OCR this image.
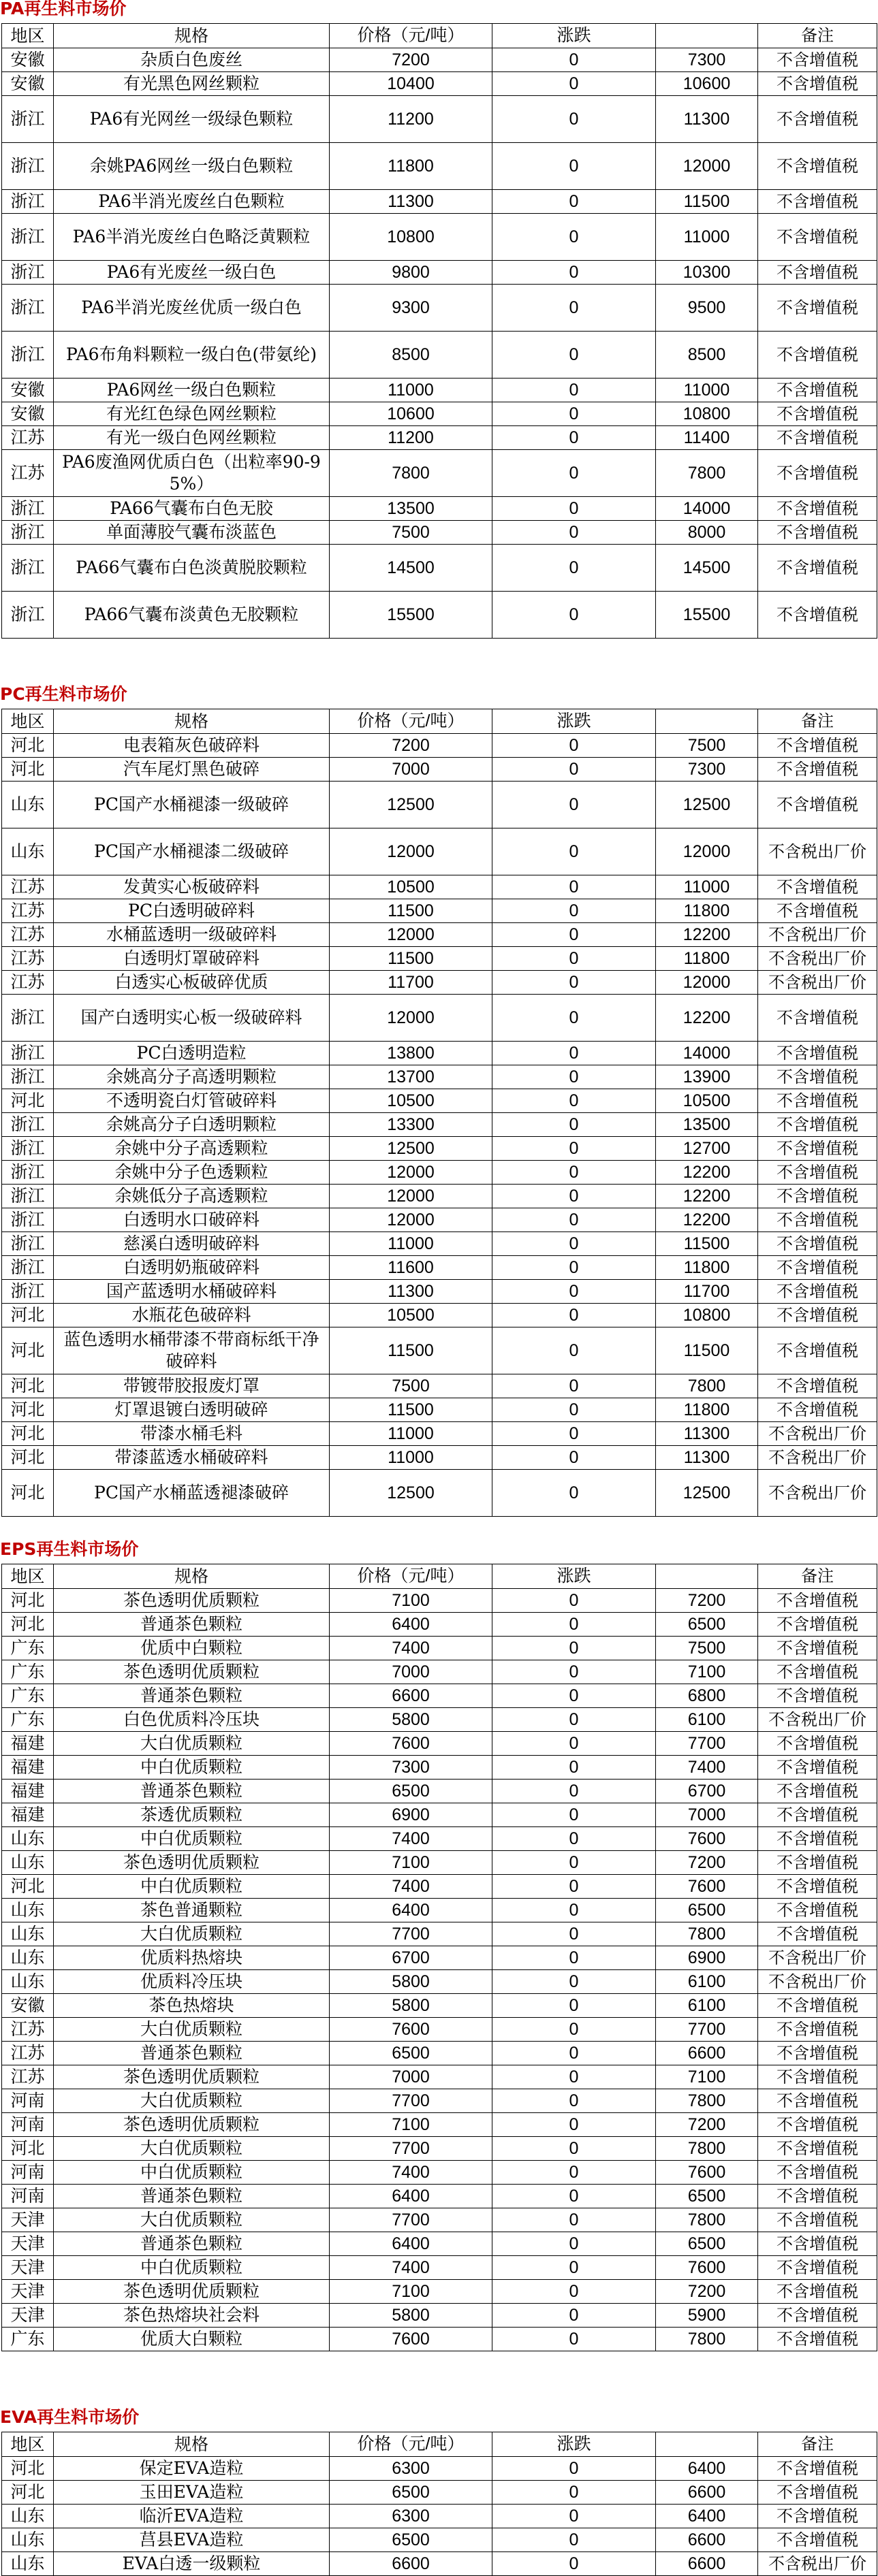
PA再生料市场价
地区	规格	价格（元/吨）	涨跌		备注
安徽	杂质白色废丝	7200	0	7300	不含增值税
安徽	有光黑色网丝颗粒	10400	0	10600	不含增值税
浙江	PA6有光网丝一级绿色颗粒	11200	0	11300	不含增值税
浙江	余姚PA6网丝一级白色颗粒	11800	0	12000	不含增值税
浙江	PA6半消光废丝白色颗粒	11300	0	11500	不含增值税
浙江	PA6半消光废丝白色略泛黄颗粒	10800	0	11000	不含增值税
浙江	PA6有光废丝一级白色	9800	0	10300	不含增值税
浙江	PA6半消光废丝优质一级白色	9300	0	9500	不含增值税
浙江	PA6布角料颗粒一级白色(带氨纶)	8500	0	8500	不含增值税
安徽	PA6网丝一级白色颗粒	11000	0	11000	不含增值税
安徽	有光红色绿色网丝颗粒	10600	0	10800	不含增值税
江苏	有光一级白色网丝颗粒	11200	0	11400	不含增值税
江苏	PA6废渔网优质白色（出粒率90-95%）	7800	0	7800	不含增值税
浙江	PA66气囊布白色无胶	13500	0	14000	不含增值税
浙江	单面薄胶气囊布淡蓝色	7500	0	8000	不含增值税
浙江	PA66气囊布白色淡黄脱胶颗粒	14500	0	14500	不含增值税
浙江	PA66气囊布淡黄色无胶颗粒	15500	0	15500	不含增值税
PC再生料市场价
地区	规格	价格（元/吨）	涨跌		备注
河北	电表箱灰色破碎料	7200	0	7500	不含增值税
河北	汽车尾灯黑色破碎	7000	0	7300	不含增值税
山东	PC国产水桶褪漆一级破碎	12500	0	12500	不含增值税
山东	PC国产水桶褪漆二级破碎	12000	0	12000	不含税出厂价
江苏	发黄实心板破碎料	10500	0	11000	不含增值税
江苏	PC白透明破碎料	11500	0	11800	不含增值税
江苏	水桶蓝透明一级破碎料	12000	0	12200	不含税出厂价
江苏	白透明灯罩破碎料	11500	0	11800	不含税出厂价
江苏	白透实心板破碎优质	11700	0	12000	不含税出厂价
浙江	国产白透明实心板一级破碎料	12000	0	12200	不含增值税
浙江	PC白透明造粒	13800	0	14000	不含增值税
浙江	余姚高分子高透明颗粒	13700	0	13900	不含增值税
河北	不透明瓷白灯管破碎料	10500	0	10500	不含增值税
浙江	余姚高分子白透明颗粒	13300	0	13500	不含增值税
浙江	余姚中分子高透颗粒	12500	0	12700	不含增值税
浙江	余姚中分子色透颗粒	12000	0	12200	不含增值税
浙江	余姚低分子高透颗粒	12000	0	12200	不含增值税
浙江	白透明水口破碎料	12000	0	12200	不含增值税
浙江	慈溪白透明破碎料	11000	0	11500	不含增值税
浙江	白透明奶瓶破碎料	11600	0	11800	不含增值税
浙江	国产蓝透明水桶破碎料	11300	0	11700	不含增值税
河北	水瓶花色破碎料	10500	0	10800	不含增值税
河北	蓝色透明水桶带漆不带商标纸干净破碎料	11500	0	11500	不含增值税
河北	带镀带胶报废灯罩	7500	0	7800	不含增值税
河北	灯罩退镀白透明破碎	11500	0	11800	不含增值税
河北	带漆水桶毛料	11000	0	11300	不含税出厂价
河北	带漆蓝透水桶破碎料	11000	0	11300	不含税出厂价
河北	PC国产水桶蓝透褪漆破碎	12500	0	12500	不含税出厂价
EPS再生料市场价
地区	规格	价格（元/吨）	涨跌		备注
河北	茶色透明优质颗粒	7100	0	7200	不含增值税
河北	普通茶色颗粒	6400	0	6500	不含增值税
广东	优质中白颗粒	7400	0	7500	不含增值税
广东	茶色透明优质颗粒	7000	0	7100	不含增值税
广东	普通茶色颗粒	6600	0	6800	不含增值税
广东	白色优质料冷压块	5800	0	6100	不含税出厂价
福建	大白优质颗粒	7600	0	7700	不含增值税
福建	中白优质颗粒	7300	0	7400	不含增值税
福建	普通茶色颗粒	6500	0	6700	不含增值税
福建	茶透优质颗粒	6900	0	7000	不含增值税
山东	中白优质颗粒	7400	0	7600	不含增值税
山东	茶色透明优质颗粒	7100	0	7200	不含增值税
河北	中白优质颗粒	7400	0	7600	不含增值税
山东	茶色普通颗粒	6400	0	6500	不含增值税
山东	大白优质颗粒	7700	0	7800	不含增值税
山东	优质料热熔块	6700	0	6900	不含税出厂价
山东	优质料冷压块	5800	0	6100	不含税出厂价
安徽	茶色热熔块	5800	0	6100	不含增值税
江苏	大白优质颗粒	7600	0	7700	不含增值税
江苏	普通茶色颗粒	6500	0	6600	不含增值税
江苏	茶色透明优质颗粒	7000	0	7100	不含增值税
河南	大白优质颗粒	7700	0	7800	不含增值税
河南	茶色透明优质颗粒	7100	0	7200	不含增值税
河北	大白优质颗粒	7700	0	7800	不含增值税
河南	中白优质颗粒	7400	0	7600	不含增值税
河南	普通茶色颗粒	6400	0	6500	不含增值税
天津	大白优质颗粒	7700	0	7800	不含增值税
天津	普通茶色颗粒	6400	0	6500	不含增值税
天津	中白优质颗粒	7400	0	7600	不含增值税
天津	茶色透明优质颗粒	7100	0	7200	不含增值税
天津	茶色热熔块社会料	5800	0	5900	不含增值税
广东	优质大白颗粒	7600	0	7800	不含增值税
EVA再生料市场价
地区	规格	价格（元/吨）	涨跌		备注
河北	保定EVA造粒	6300	0	6400	不含增值税
河北	玉田EVA造粒	6500	0	6600	不含增值税
山东	临沂EVA造粒	6300	0	6400	不含增值税
山东	莒县EVA造粒	6500	0	6600	不含增值税
山东	EVA白透一级颗粒	6600	0	6600	不含税出厂价
